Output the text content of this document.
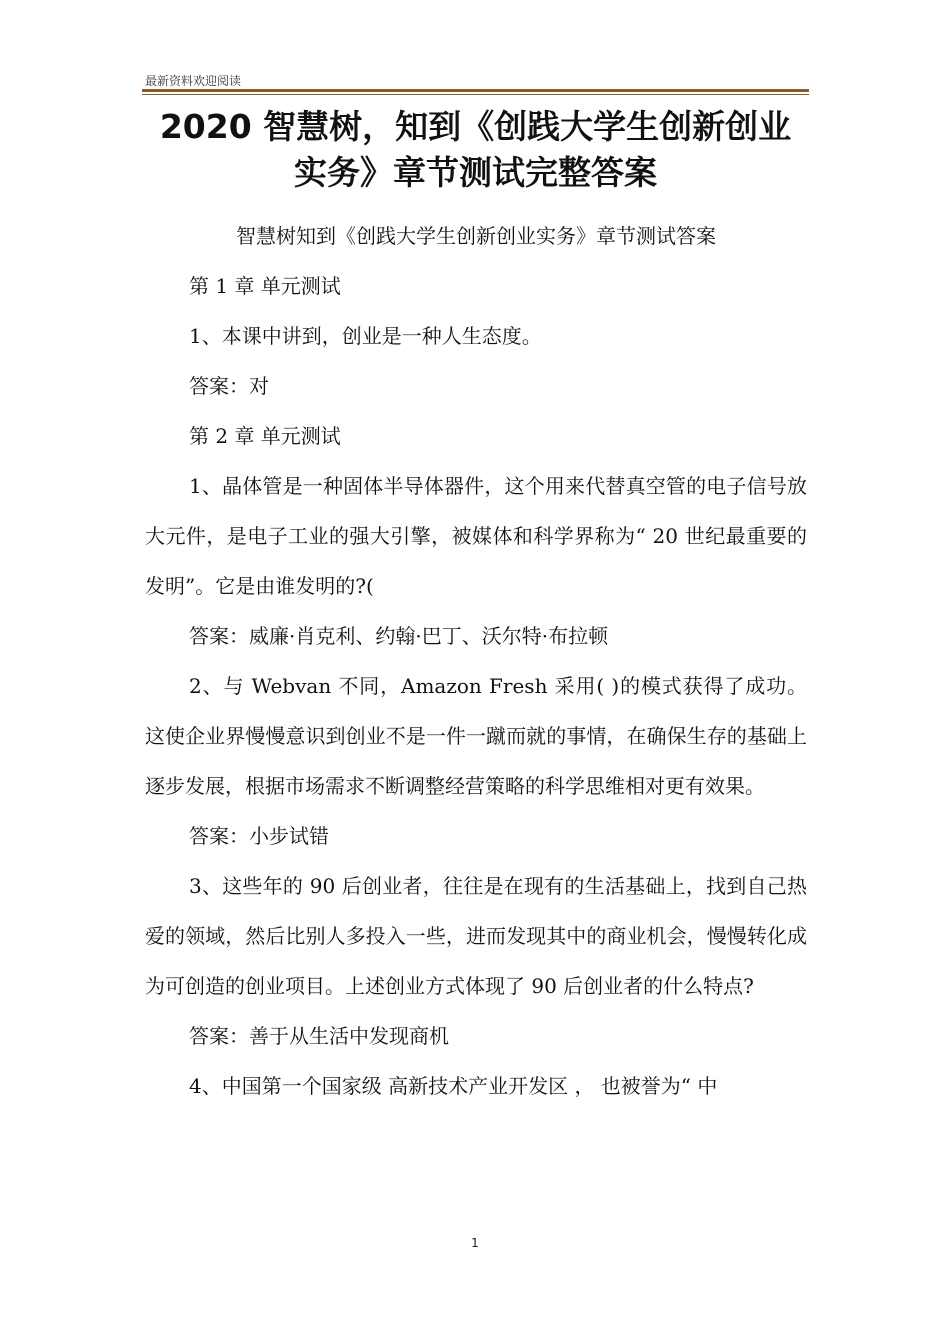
最新资料欢迎阅读
2020 智慧树，知到《创践大学生创新创业
实务》章节测试完整答案

智慧树知到《创践大学生创新创业实务》章节测试答案

第 1 章 单元测试

1、本课中讲到，创业是一种人生态度。

答案：对

第 2 章 单元测试

1、晶体管是一种固体半导体器件，这个用来代替真空管的电子信号放大元件，是电子工业的强大引擎，被媒体和科学界称为“ 20 世纪最重要的发明”。它是由谁发明的?(

答案：威廉·肖克利、约翰·巴丁、沃尔特·布拉顿

2、与 Webvan 不同，Amazon Fresh 采用( )的模式获得了成功。这使企业界慢慢意识到创业不是一件一蹴而就的事情，在确保生存的基础上逐步发展，根据市场需求不断调整经营策略的科学思维相对更有效果。

答案：小步试错

3、这些年的 90 后创业者，往往是在现有的生活基础上，找到自己热爱的领域，然后比别人多投入一些，进而发现其中的商业机会，慢慢转化成为可创造的创业项目。上述创业方式体现了 90 后创业者的什么特点?

答案：善于从生活中发现商机

4、中国第一个国家级 高新技术产业开发区 ， 也被誉为“ 中

1
